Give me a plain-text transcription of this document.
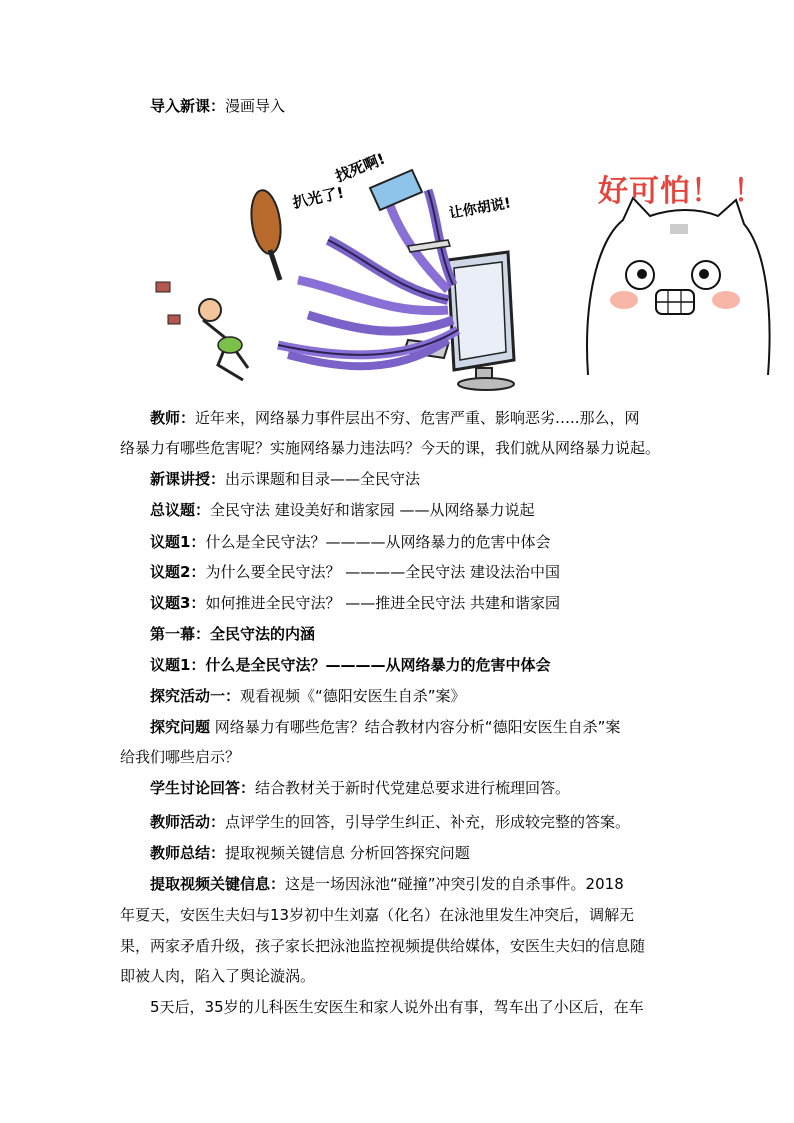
导入新课：漫画导入
扒光了!
找死啊!
让你胡说!	好可怕！ ！
教师：近年来，网络暴力事件层出不穷、危害严重、影响恶劣…..那么，网
络暴力有哪些危害呢？实施网络暴力违法吗？今天的课，我们就从网络暴力说起。
新课讲授：出示课题和目录——全民守法
总议题：全民守法 建设美好和谐家园 ——从网络暴力说起
议题1：什么是全民守法？————从网络暴力的危害中体会
议题2：为什么要全民守法？ ————全民守法 建设法治中国
议题3：如何推进全民守法？ ——推进全民守法 共建和谐家园
第一幕：全民守法的内涵
议题1：什么是全民守法？————从网络暴力的危害中体会
探究活动一：观看视频《“德阳安医生自杀”案》
探究问题 网络暴力有哪些危害？结合教材内容分析“德阳安医生自杀”案
给我们哪些启示？
学生讨论回答：结合教材关于新时代党建总要求进行梳理回答。
教师活动：点评学生的回答，引导学生纠正、补充，形成较完整的答案。
教师总结：提取视频关键信息 分析回答探究问题
提取视频关键信息：这是一场因泳池“碰撞”冲突引发的自杀事件。2018
年夏天，安医生夫妇与13岁初中生刘嘉（化名）在泳池里发生冲突后，调解无
果，两家矛盾升级，孩子家长把泳池监控视频提供给媒体，安医生夫妇的信息随
即被人肉，陷入了舆论漩涡。
5天后，35岁的儿科医生安医生和家人说外出有事，驾车出了小区后，在车
